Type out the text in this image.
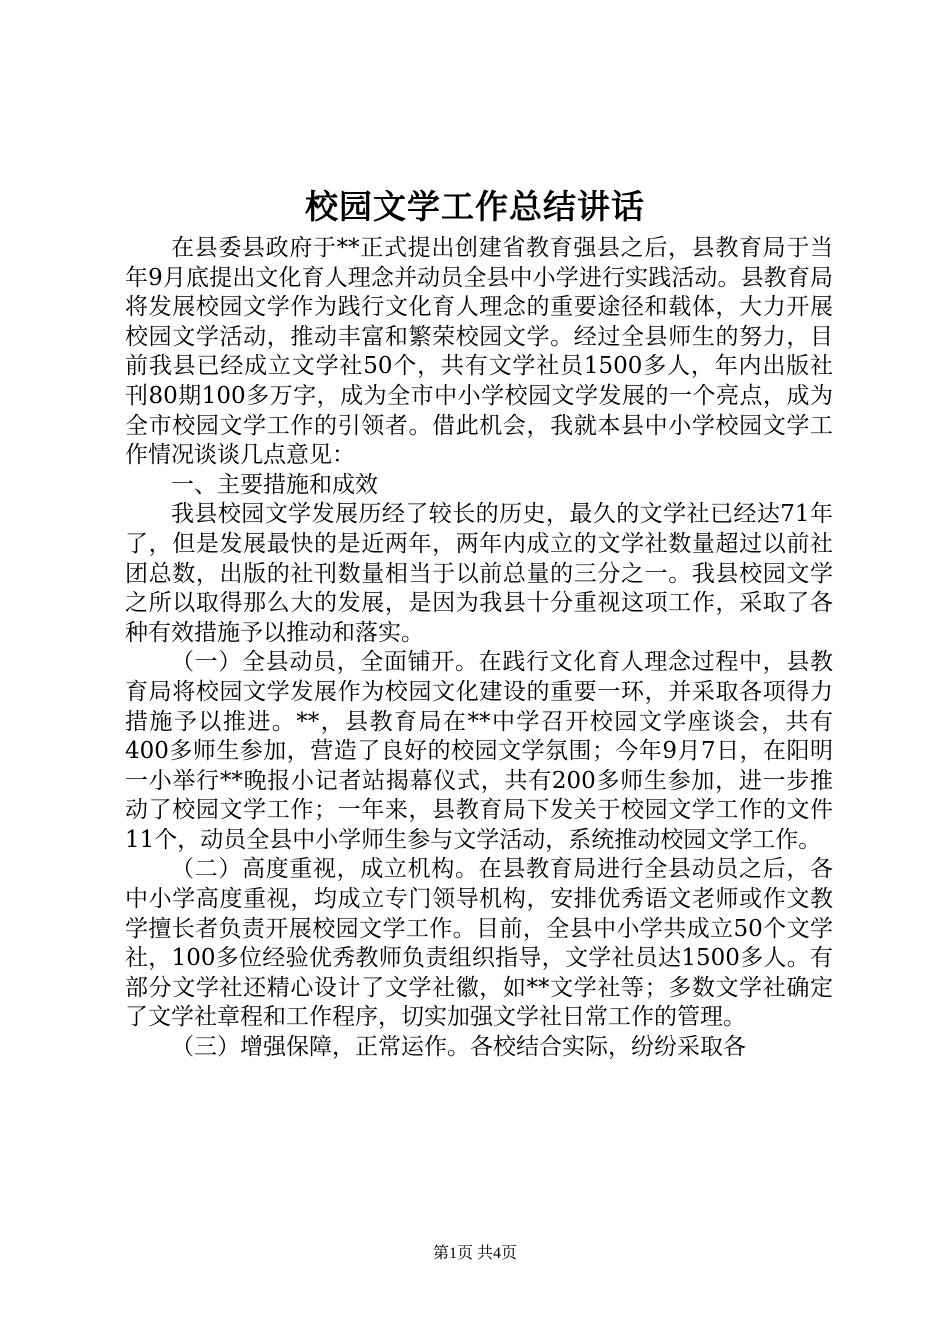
校园文学工作总结讲话

在县委县政府于**正式提出创建省教育强县之后，县教育局于当年9月底提出文化育人理念并动员全县中小学进行实践活动。县教育局将发展校园文学作为践行文化育人理念的重要途径和载体，大力开展校园文学活动，推动丰富和繁荣校园文学。经过全县师生的努力，目前我县已经成立文学社50个，共有文学社员1500多人，年内出版社刊80期100多万字，成为全市中小学校园文学发展的一个亮点，成为全市校园文学工作的引领者。借此机会，我就本县中小学校园文学工作情况谈谈几点意见：

一、主要措施和成效

我县校园文学发展历经了较长的历史，最久的文学社已经达71年了，但是发展最快的是近两年，两年内成立的文学社数量超过以前社团总数，出版的社刊数量相当于以前总量的三分之一。我县校园文学之所以取得那么大的发展，是因为我县十分重视这项工作，采取了各种有效措施予以推动和落实。

（一）全县动员，全面铺开。在践行文化育人理念过程中，县教育局将校园文学发展作为校园文化建设的重要一环，并采取各项得力措施予以推进。**，县教育局在**中学召开校园文学座谈会，共有400多师生参加，营造了良好的校园文学氛围；今年9月7日，在阳明一小举行**晚报小记者站揭幕仪式，共有200多师生参加，进一步推动了校园文学工作；一年来，县教育局下发关于校园文学工作的文件11个，动员全县中小学师生参与文学活动，系统推动校园文学工作。

（二）高度重视，成立机构。在县教育局进行全县动员之后，各中小学高度重视，均成立专门领导机构，安排优秀语文老师或作文教学擅长者负责开展校园文学工作。目前，全县中小学共成立50个文学社，100多位经验优秀教师负责组织指导，文学社员达1500多人。有部分文学社还精心设计了文学社徽，如**文学社等；多数文学社确定了文学社章程和工作程序，切实加强文学社日常工作的管理。

（三）增强保障，正常运作。各校结合实际，纷纷采取各

第1页 共4页
